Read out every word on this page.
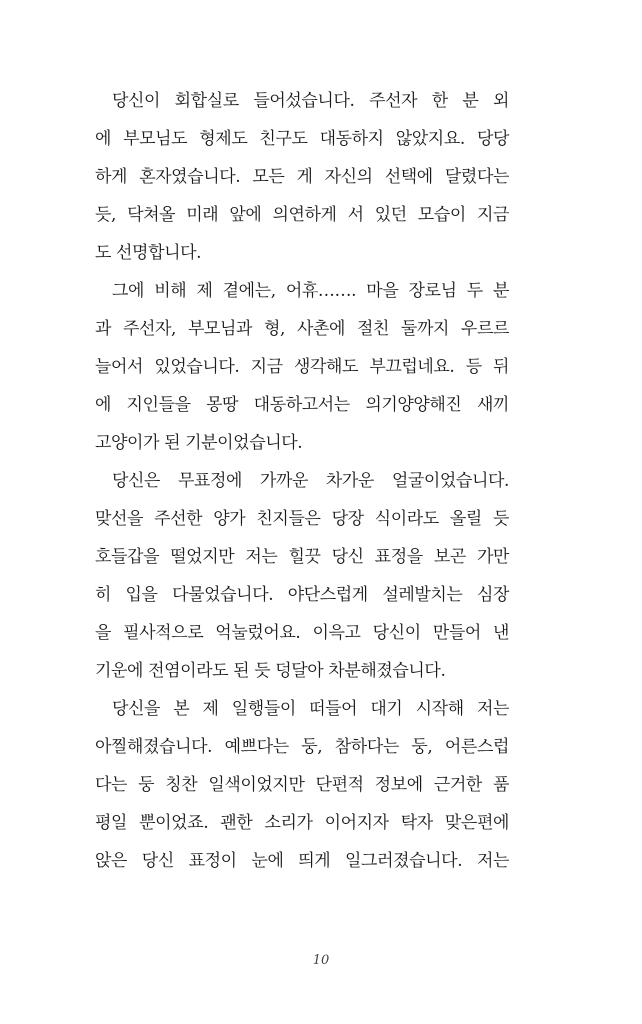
당신이 회합실로 들어섰습니다. 주선자 한 분 외
에 부모님도 형제도 친구도 대동하지 않았지요. 당당
하게 혼자였습니다. 모든 게 자신의 선택에 달렸다는
듯, 닥쳐올 미래 앞에 의연하게 서 있던 모습이 지금
도 선명합니다.
그에 비해 제 곁에는, 어휴……. 마을 장로님 두 분
과 주선자, 부모님과 형, 사촌에 절친 둘까지 우르르
늘어서 있었습니다. 지금 생각해도 부끄럽네요. 등 뒤
에 지인들을 몽땅 대동하고서는 의기양양해진 새끼
고양이가 된 기분이었습니다.
당신은 무표정에 가까운 차가운 얼굴이었습니다.
맞선을 주선한 양가 친지들은 당장 식이라도 올릴 듯
호들갑을 떨었지만 저는 힐끗 당신 표정을 보곤 가만
히 입을 다물었습니다. 야단스럽게 설레발치는 심장
을 필사적으로 억눌렀어요. 이윽고 당신이 만들어 낸
기운에 전염이라도 된 듯 덩달아 차분해졌습니다.
당신을 본 제 일행들이 떠들어 대기 시작해 저는
아찔해졌습니다. 예쁘다는 둥, 참하다는 둥, 어른스럽
다는 둥 칭찬 일색이었지만 단편적 정보에 근거한 품
평일 뿐이었죠. 괜한 소리가 이어지자 탁자 맞은편에
앉은 당신 표정이 눈에 띄게 일그러졌습니다. 저는
10
